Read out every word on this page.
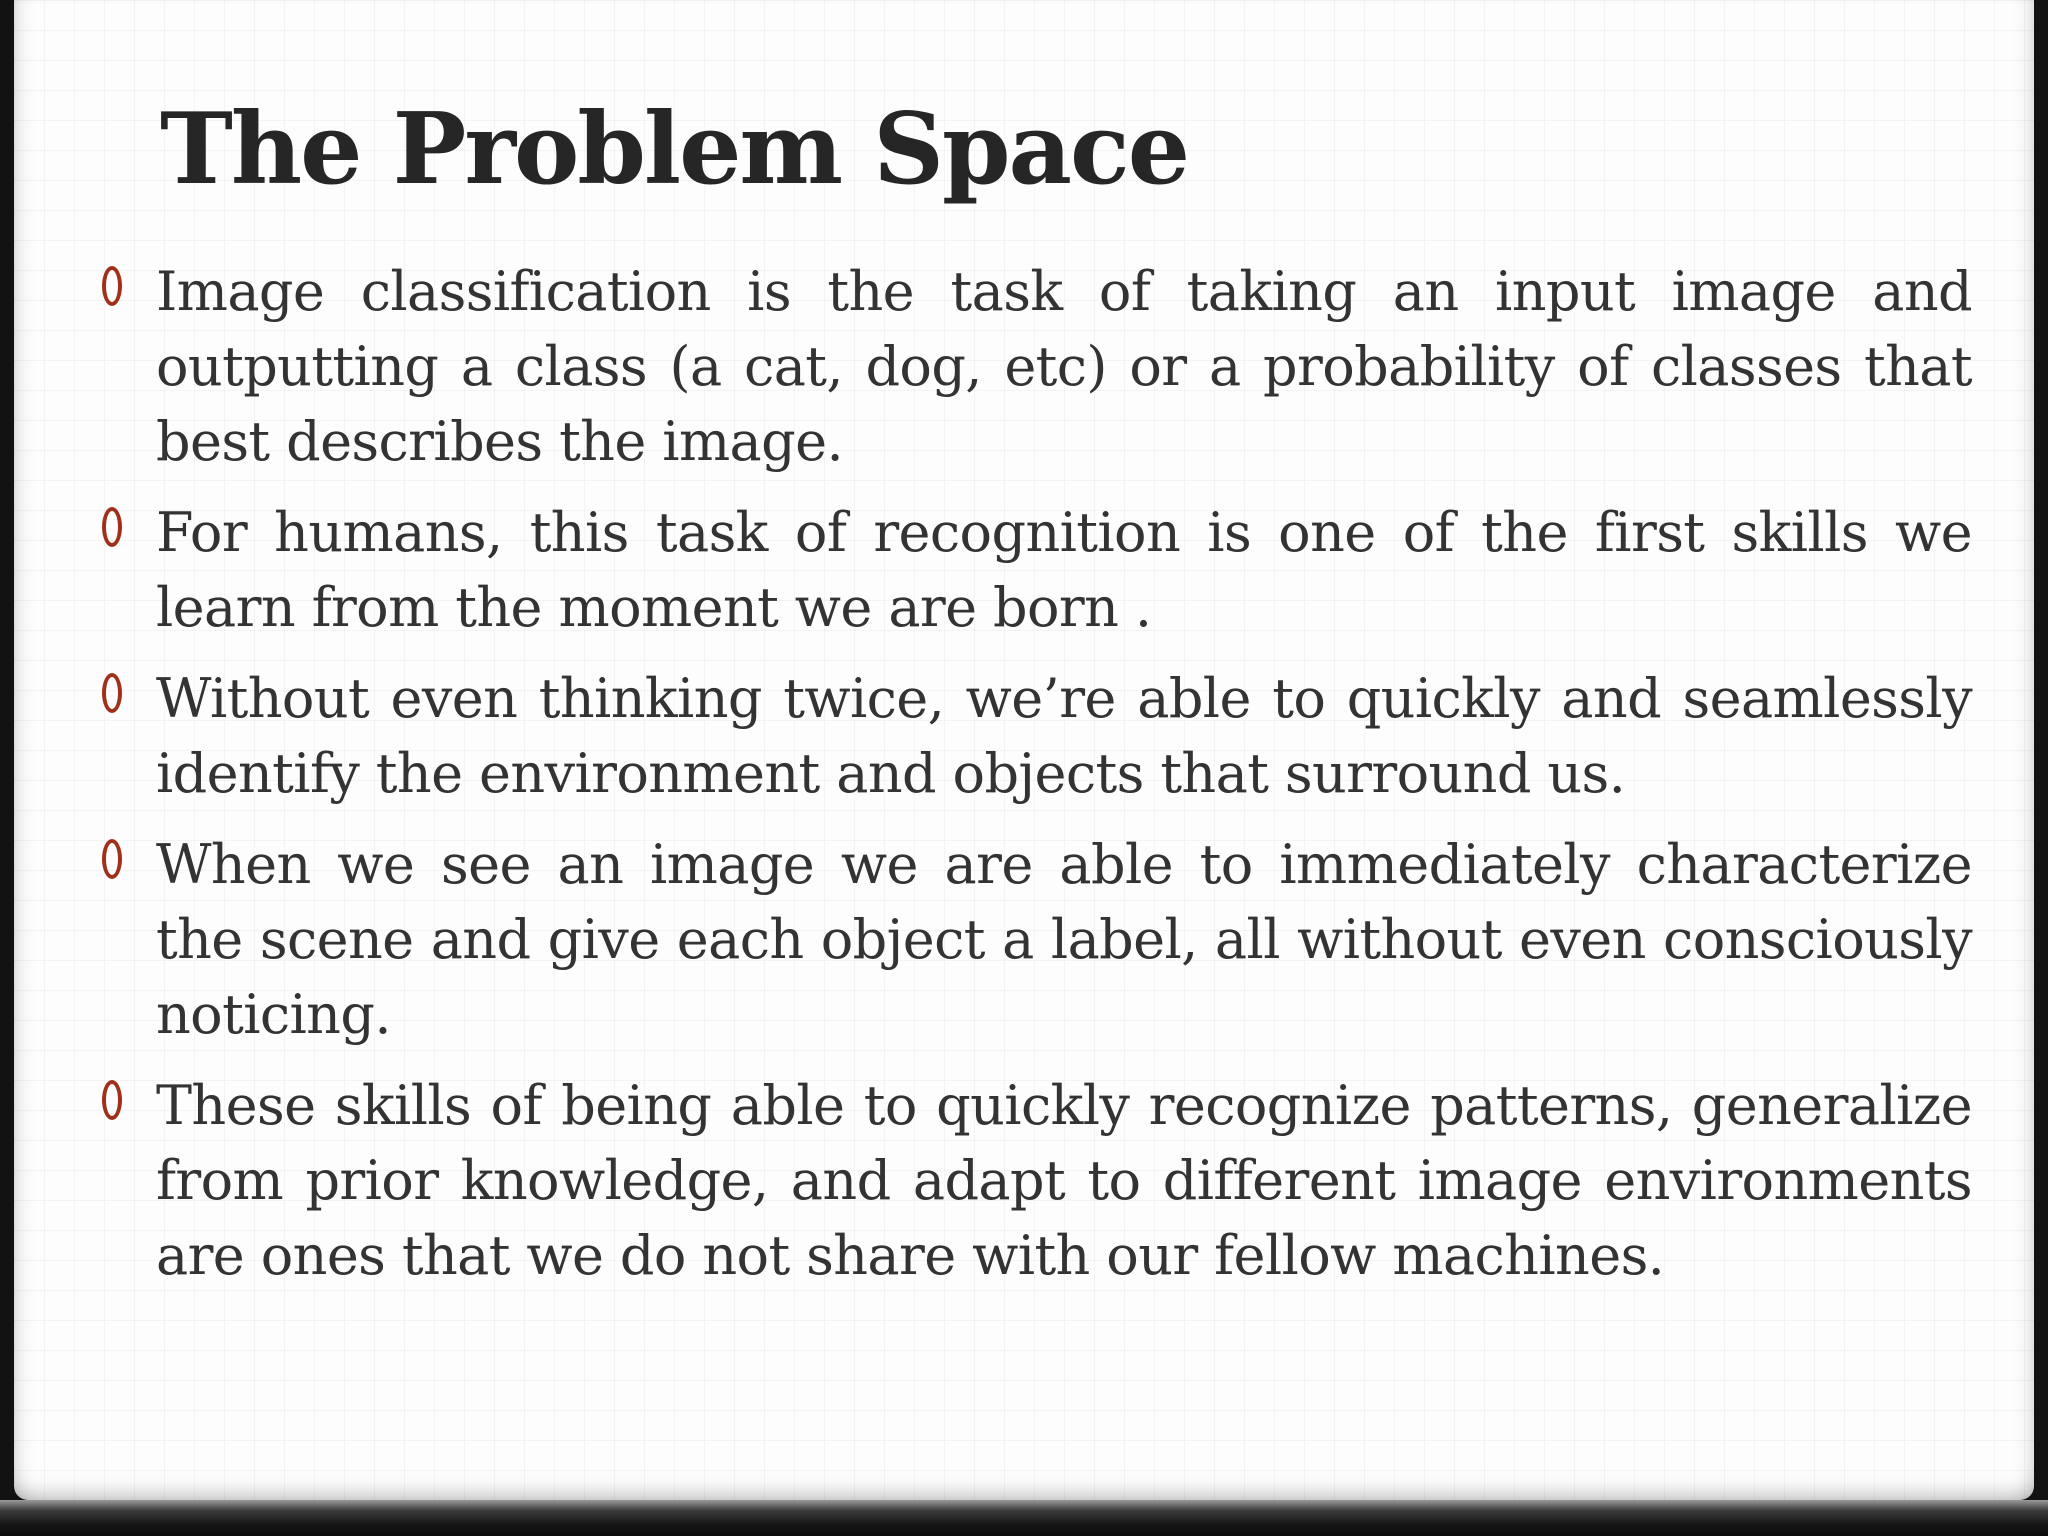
The Problem Space
Image classification is the task of taking an input image and outputting a class (a cat, dog, etc) or a probability of classes that best describes the image.
For humans, this task of recognition is one of the first skills we learn from the moment we are born .
Without even thinking twice, we’re able to quickly and seamlessly identify the environment and objects that surround us.
When we see an image we are able to immediately characterize the scene and give each object a label, all without even consciously noticing.
These skills of being able to quickly recognize patterns, generalize from prior knowledge, and adapt to different image environments are ones that we do not share with our fellow machines.
